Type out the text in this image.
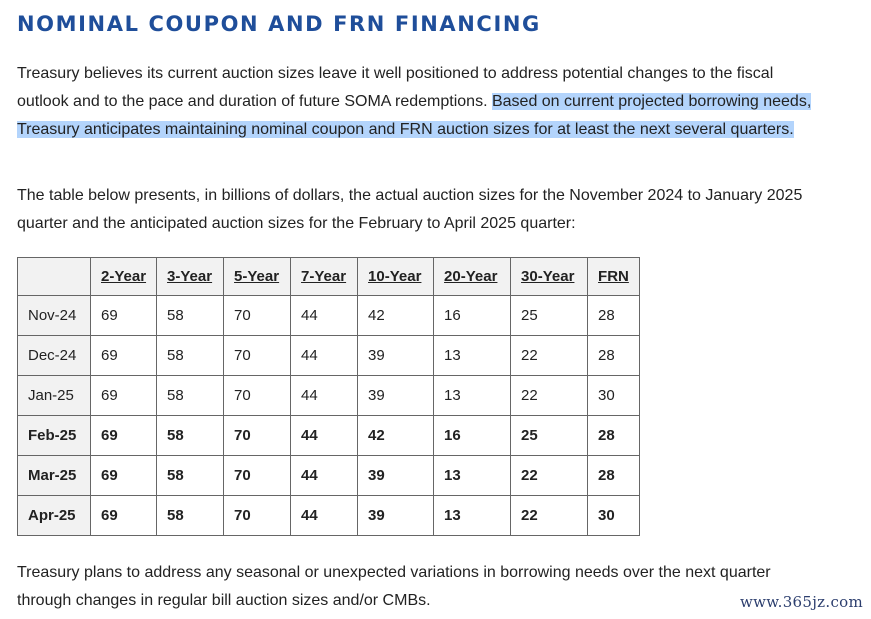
NOMINAL COUPON AND FRN FINANCING

Treasury believes its current auction sizes leave it well positioned to address potential changes to the fiscal outlook and to the pace and duration of future SOMA redemptions. Based on current projected borrowing needs, Treasury anticipates maintaining nominal coupon and FRN auction sizes for at least the next several quarters.

The table below presents, in billions of dollars, the actual auction sizes for the November 2024 to January 2025 quarter and the anticipated auction sizes for the February to April 2025 quarter:

	2-Year	3-Year	5-Year	7-Year	10-Year	20-Year	30-Year	FRN
Nov-24	69	58	70	44	42	16	25	28
Dec-24	69	58	70	44	39	13	22	28
Jan-25	69	58	70	44	39	13	22	30
Feb-25	69	58	70	44	42	16	25	28
Mar-25	69	58	70	44	39	13	22	28
Apr-25	69	58	70	44	39	13	22	30

Treasury plans to address any seasonal or unexpected variations in borrowing needs over the next quarter through changes in regular bill auction sizes and/or CMBs.	www.365jz.com
